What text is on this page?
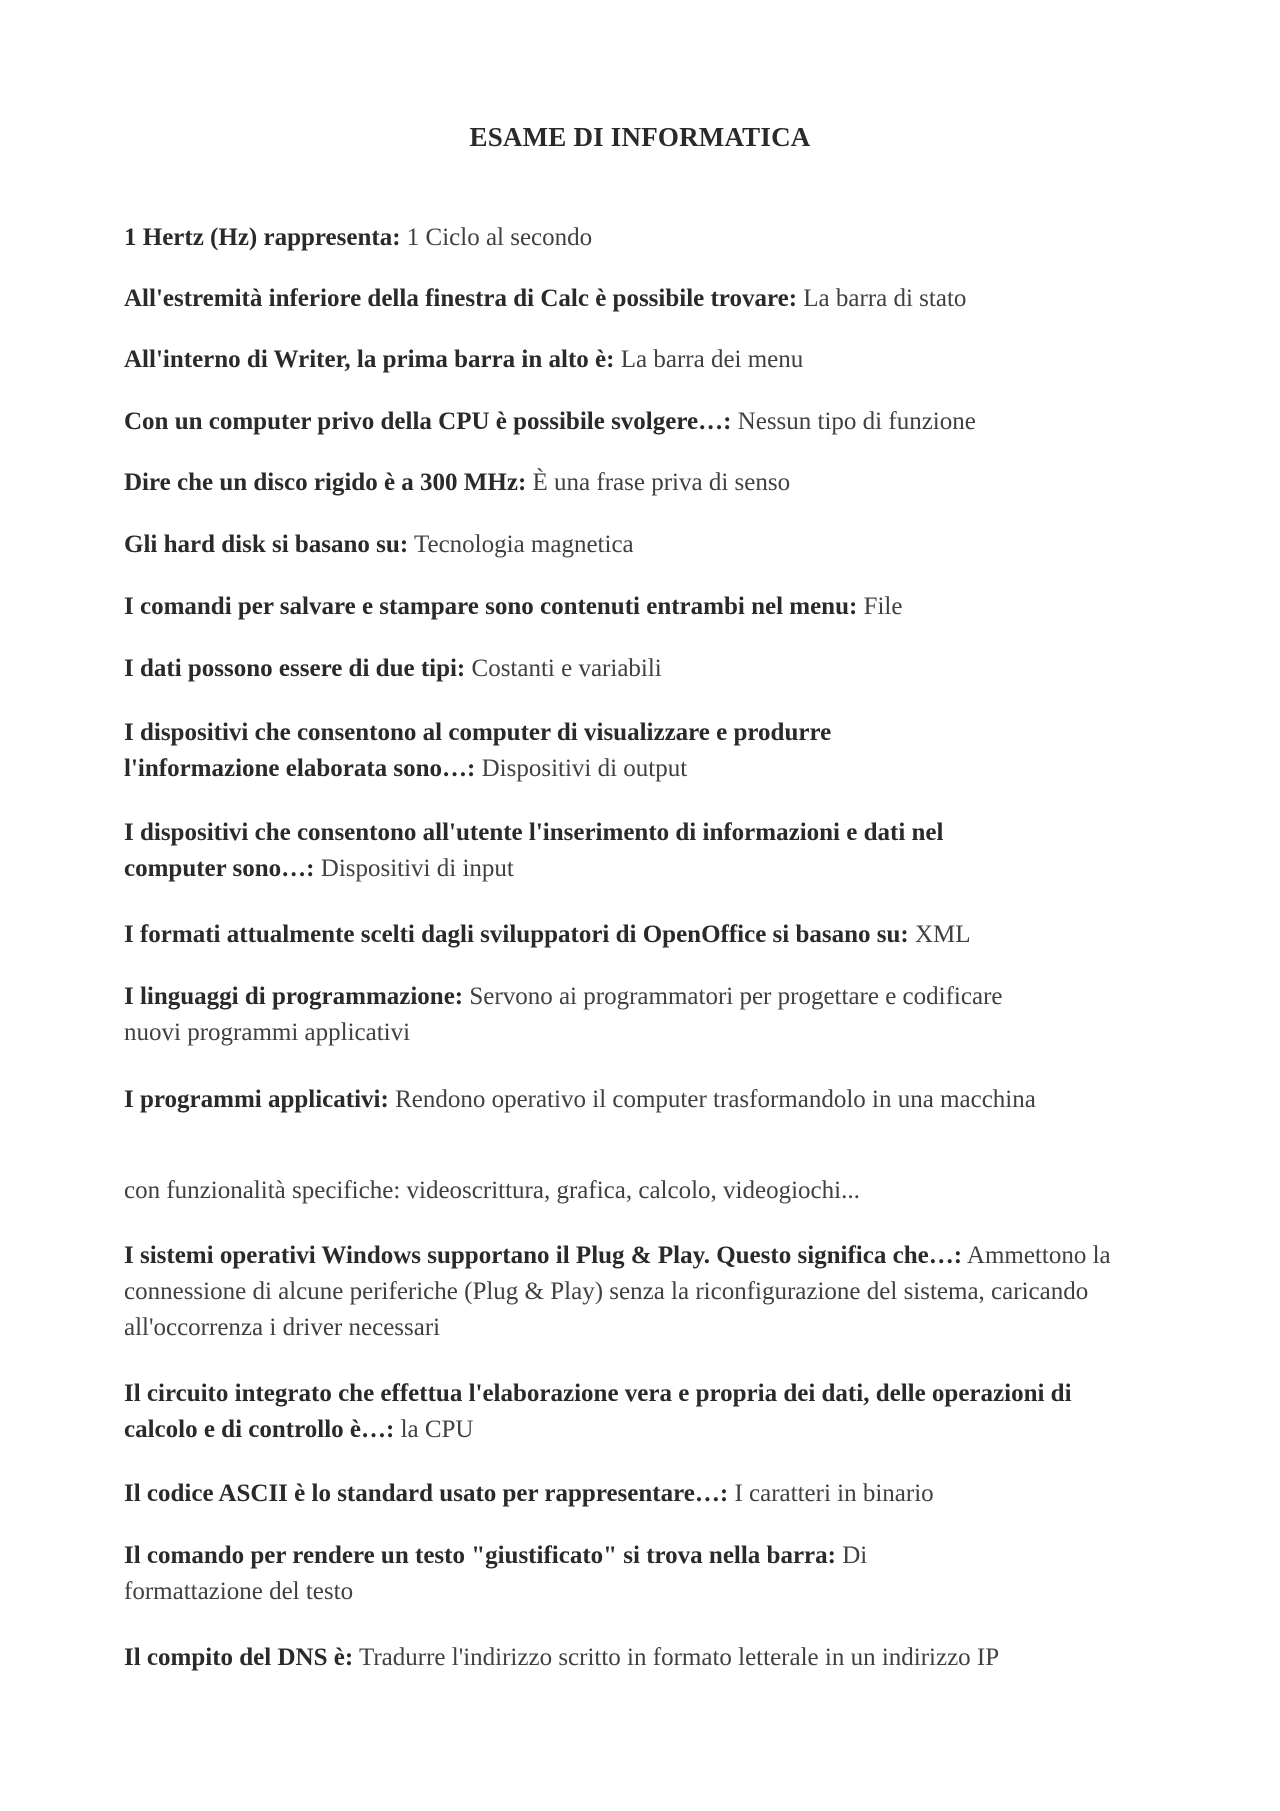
ESAME DI INFORMATICA
1 Hertz (Hz) rappresenta: 1 Ciclo al secondo
All'estremità inferiore della finestra di Calc è possibile trovare: La barra di stato
All'interno di Writer, la prima barra in alto è: La barra dei menu
Con un computer privo della CPU è possibile svolgere…: Nessun tipo di funzione
Dire che un disco rigido è a 300 MHz: È una frase priva di senso
Gli hard disk si basano su: Tecnologia magnetica
I comandi per salvare e stampare sono contenuti entrambi nel menu: File
I dati possono essere di due tipi: Costanti e variabili
I dispositivi che consentono al computer di visualizzare e produrre l'informazione elaborata sono…: Dispositivi di output
I dispositivi che consentono all'utente l'inserimento di informazioni e dati nel computer sono…: Dispositivi di input
I formati attualmente scelti dagli sviluppatori di OpenOffice si basano su: XML
I linguaggi di programmazione: Servono ai programmatori per progettare e codificare nuovi programmi applicativi
I programmi applicativi: Rendono operativo il computer trasformandolo in una macchina
con funzionalità specifiche: videoscrittura, grafica, calcolo, videogiochi...
I sistemi operativi Windows supportano il Plug & Play. Questo significa che…: Ammettono la connessione di alcune periferiche (Plug & Play) senza la riconfigurazione del sistema, caricando all'occorrenza i driver necessari
Il circuito integrato che effettua l'elaborazione vera e propria dei dati, delle operazioni di calcolo e di controllo è…: la CPU
Il codice ASCII è lo standard usato per rappresentare…: I caratteri in binario
Il comando per rendere un testo "giustificato" si trova nella barra: Di formattazione del testo
Il compito del DNS è: Tradurre l'indirizzo scritto in formato letterale in un indirizzo IP
